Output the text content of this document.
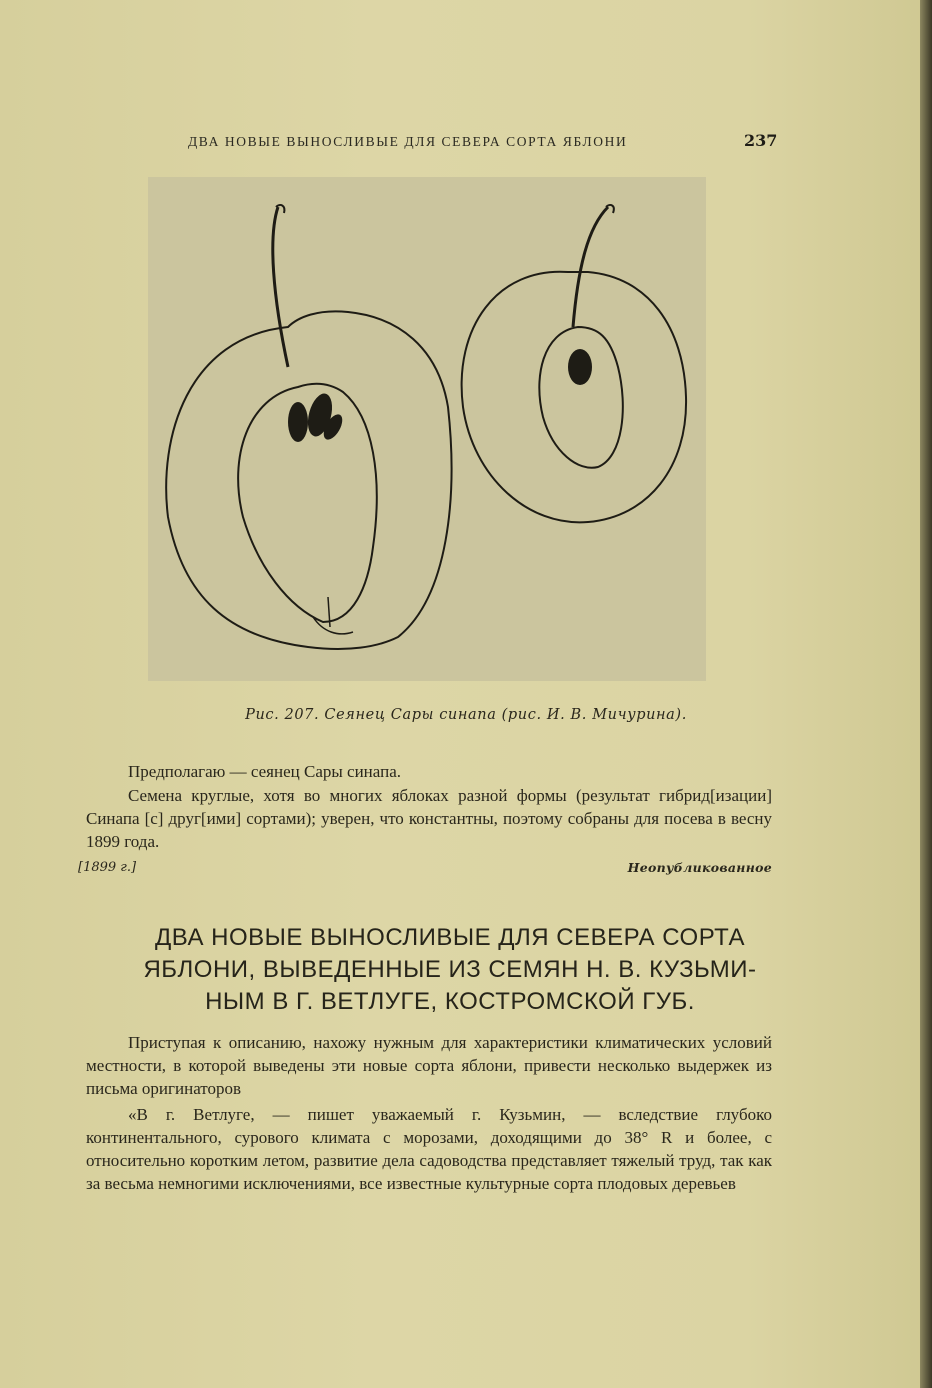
ДВА НОВЫЕ ВЫНОСЛИВЫЕ ДЛЯ СЕВЕРА СОРТА ЯБЛОНИ	237
Рис. 207. Сеянец Сары синапа (рис. И. В. Мичурина).
Предполагаю — сеянец Сары синапа.
Семена круглые, хотя во многих яблоках разной формы (результат гибрид[изации] Синапа [с] друг[ими] сортами); уверен, что константны, поэтому собраны для посева в весну 1899 года.
[1899 г.]	Неопубликованное
ДВА НОВЫЕ ВЫНОСЛИВЫЕ ДЛЯ СЕВЕРА СОРТА
ЯБЛОНИ, ВЫВЕДЕННЫЕ ИЗ СЕМЯН Н. В. КУЗЬМИ-
НЫМ В Г. ВЕТЛУГЕ, КОСТРОМСКОЙ ГУБ.
Приступая к описанию, нахожу нужным для характеристики климатических условий местности, в которой выведены эти новые сорта яблони, привести несколько выдержек из письма оригинаторов
«В г. Ветлуге, — пишет уважаемый г. Кузьмин, — вследствие глубоко континентального, сурового климата с морозами, доходящими до 38° R и более, с относительно коротким летом, развитие дела садоводства представляет тяжелый труд, так как за весьма немногими исключениями, все известные культурные сорта плодовых деревьев
